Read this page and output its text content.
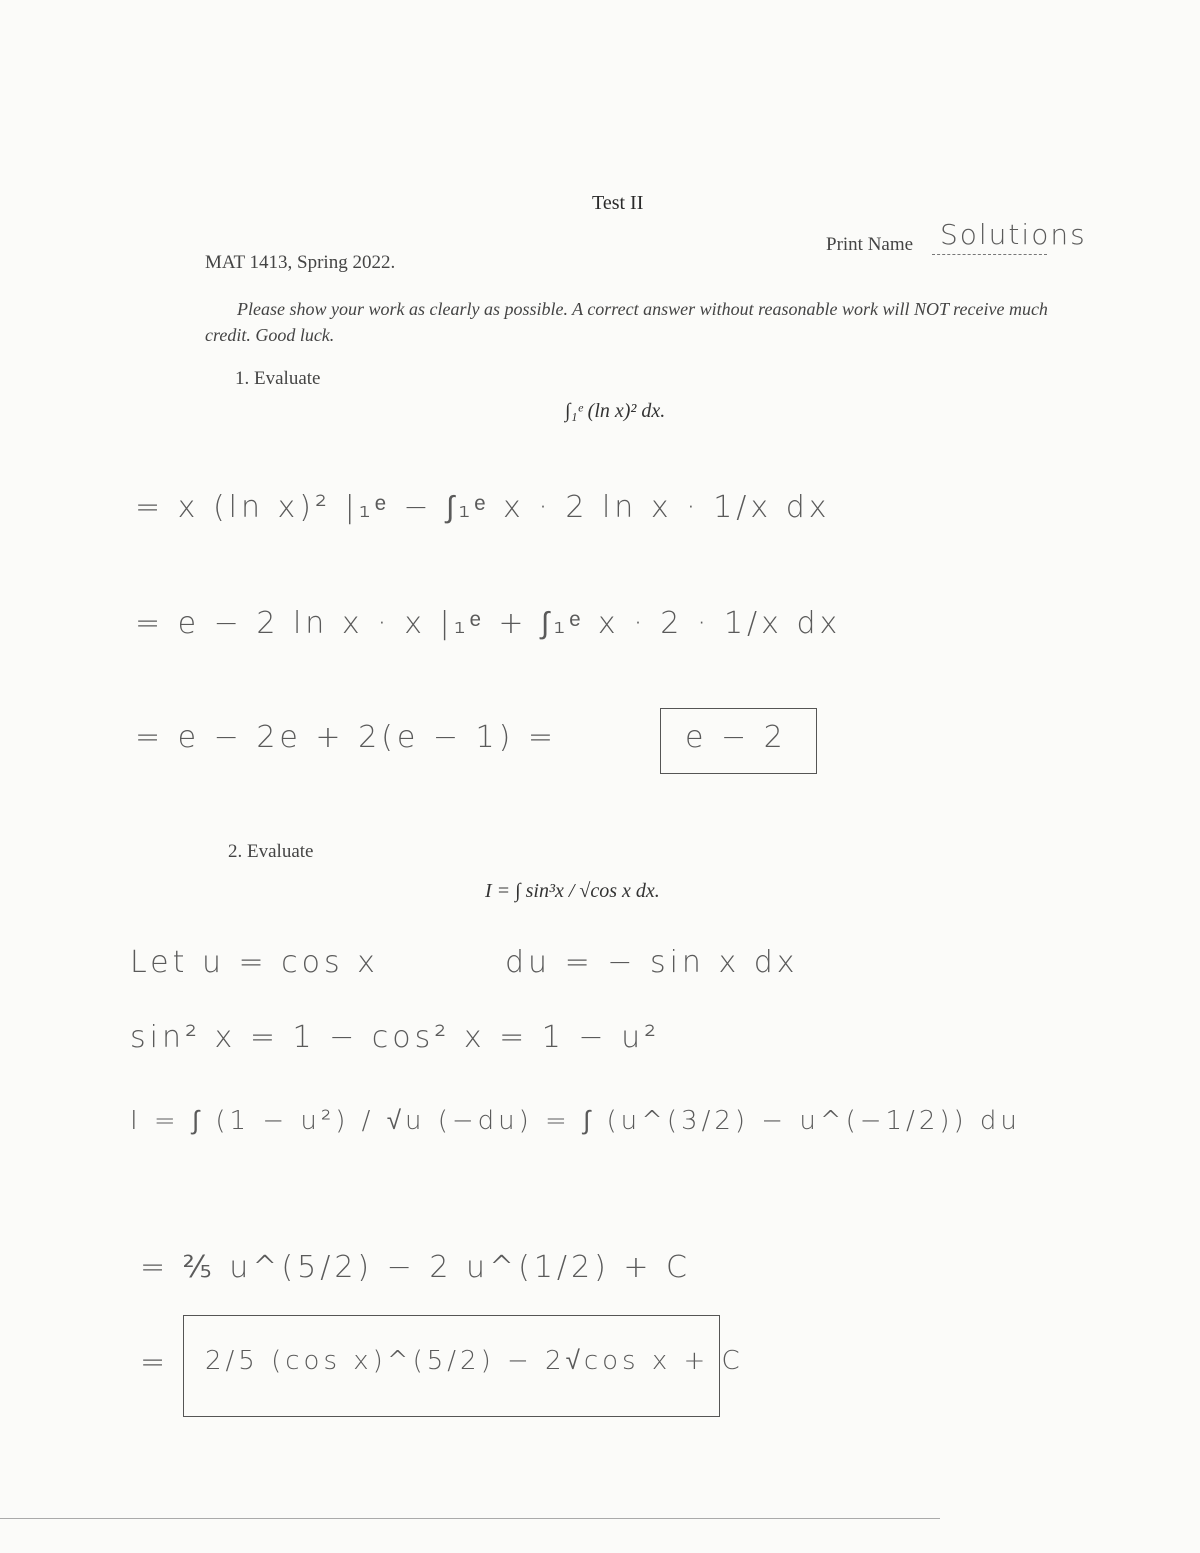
Test II
MAT 1413, Spring 2022.
Print Name Solutions
Please show your work as clearly as possible. A correct answer without reasonable work will NOT receive much credit. Good luck.
1. Evaluate
∫₁ᵉ (ln x)² dx.
= x (ln x)² |₁ᵉ − ∫₁ᵉ x · 2 ln x · 1/x dx
= e − 2 ln x · x |₁ᵉ + ∫₁ᵉ x · 2 · 1/x dx
= e − 2e + 2(e − 1) =	e − 2
2. Evaluate
I = ∫ sin³x / √cos x dx.
Let u = cos x	du = − sin x dx
sin² x = 1 − cos² x = 1 − u²
I = ∫ (1 − u²) / √u (−du) = ∫ (u^(3/2) − u^(−1/2)) du
= ⅖ u^(5/2) − 2 u^(1/2) + C
= 2/5 (cos x)^(5/2) − 2√cos x + C
